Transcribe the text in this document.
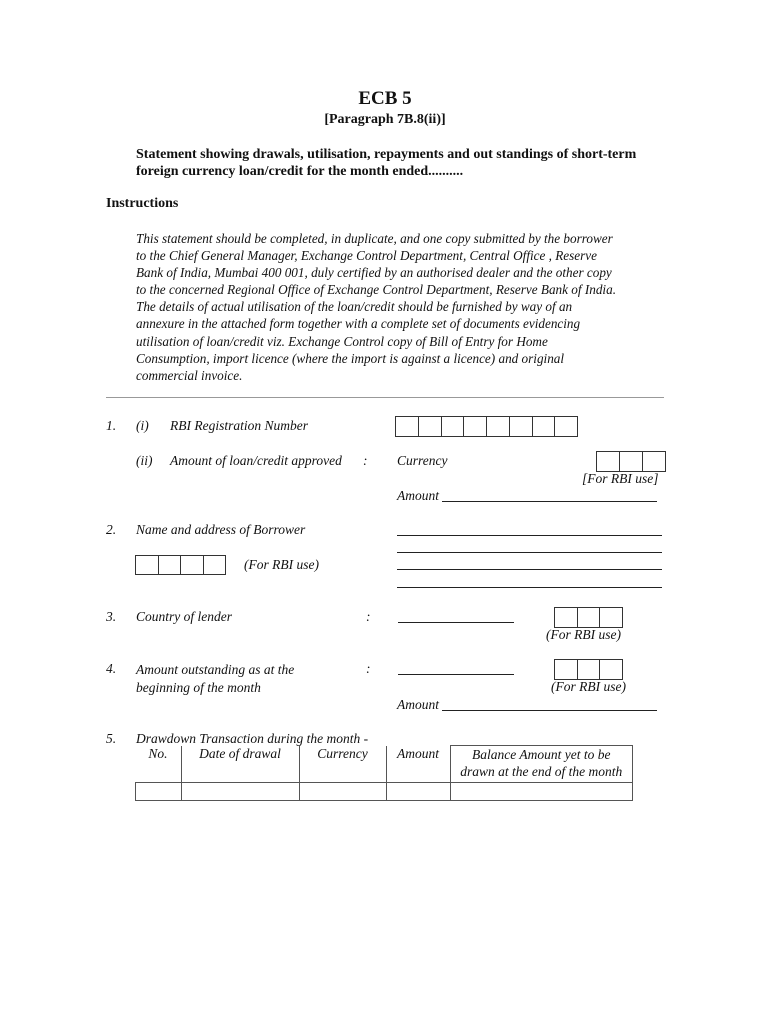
ECB 5
[Paragraph 7B.8(ii)]
Statement showing drawals, utilisation, repayments and out standings of short-term
foreign currency loan/credit for the month ended..........
Instructions
This statement should be completed, in duplicate, and one copy submitted by the borrower
to the Chief General Manager, Exchange Control Department, Central Office , Reserve
Bank of India, Mumbai 400 001, duly certified by an authorised dealer and the other copy
to the concerned Regional Office of Exchange Control Department, Reserve Bank of India.
The details of actual utilisation of the loan/credit should be furnished by way of an
annexure in the attached form together with a complete set of documents evidencing
utilisation of loan/credit viz. Exchange Control copy of Bill of Entry for Home
Consumption, import licence (where the import is against a licence) and original
commercial invoice.
1. (i) RBI Registration Number
(ii) Amount of loan/credit approved : Currency
[For RBI use]
Amount
2. Name and address of Borrower
(For RBI use)
3. Country of lender	:
(For RBI use)
4. Amount outstanding as at the
beginning of the month
:
(For RBI use)
Amount
5. Drawdown Transaction during the month -
No.	Date of drawal	Currency	Amount	Balance Amount yet to be
drawn at the end of the month
